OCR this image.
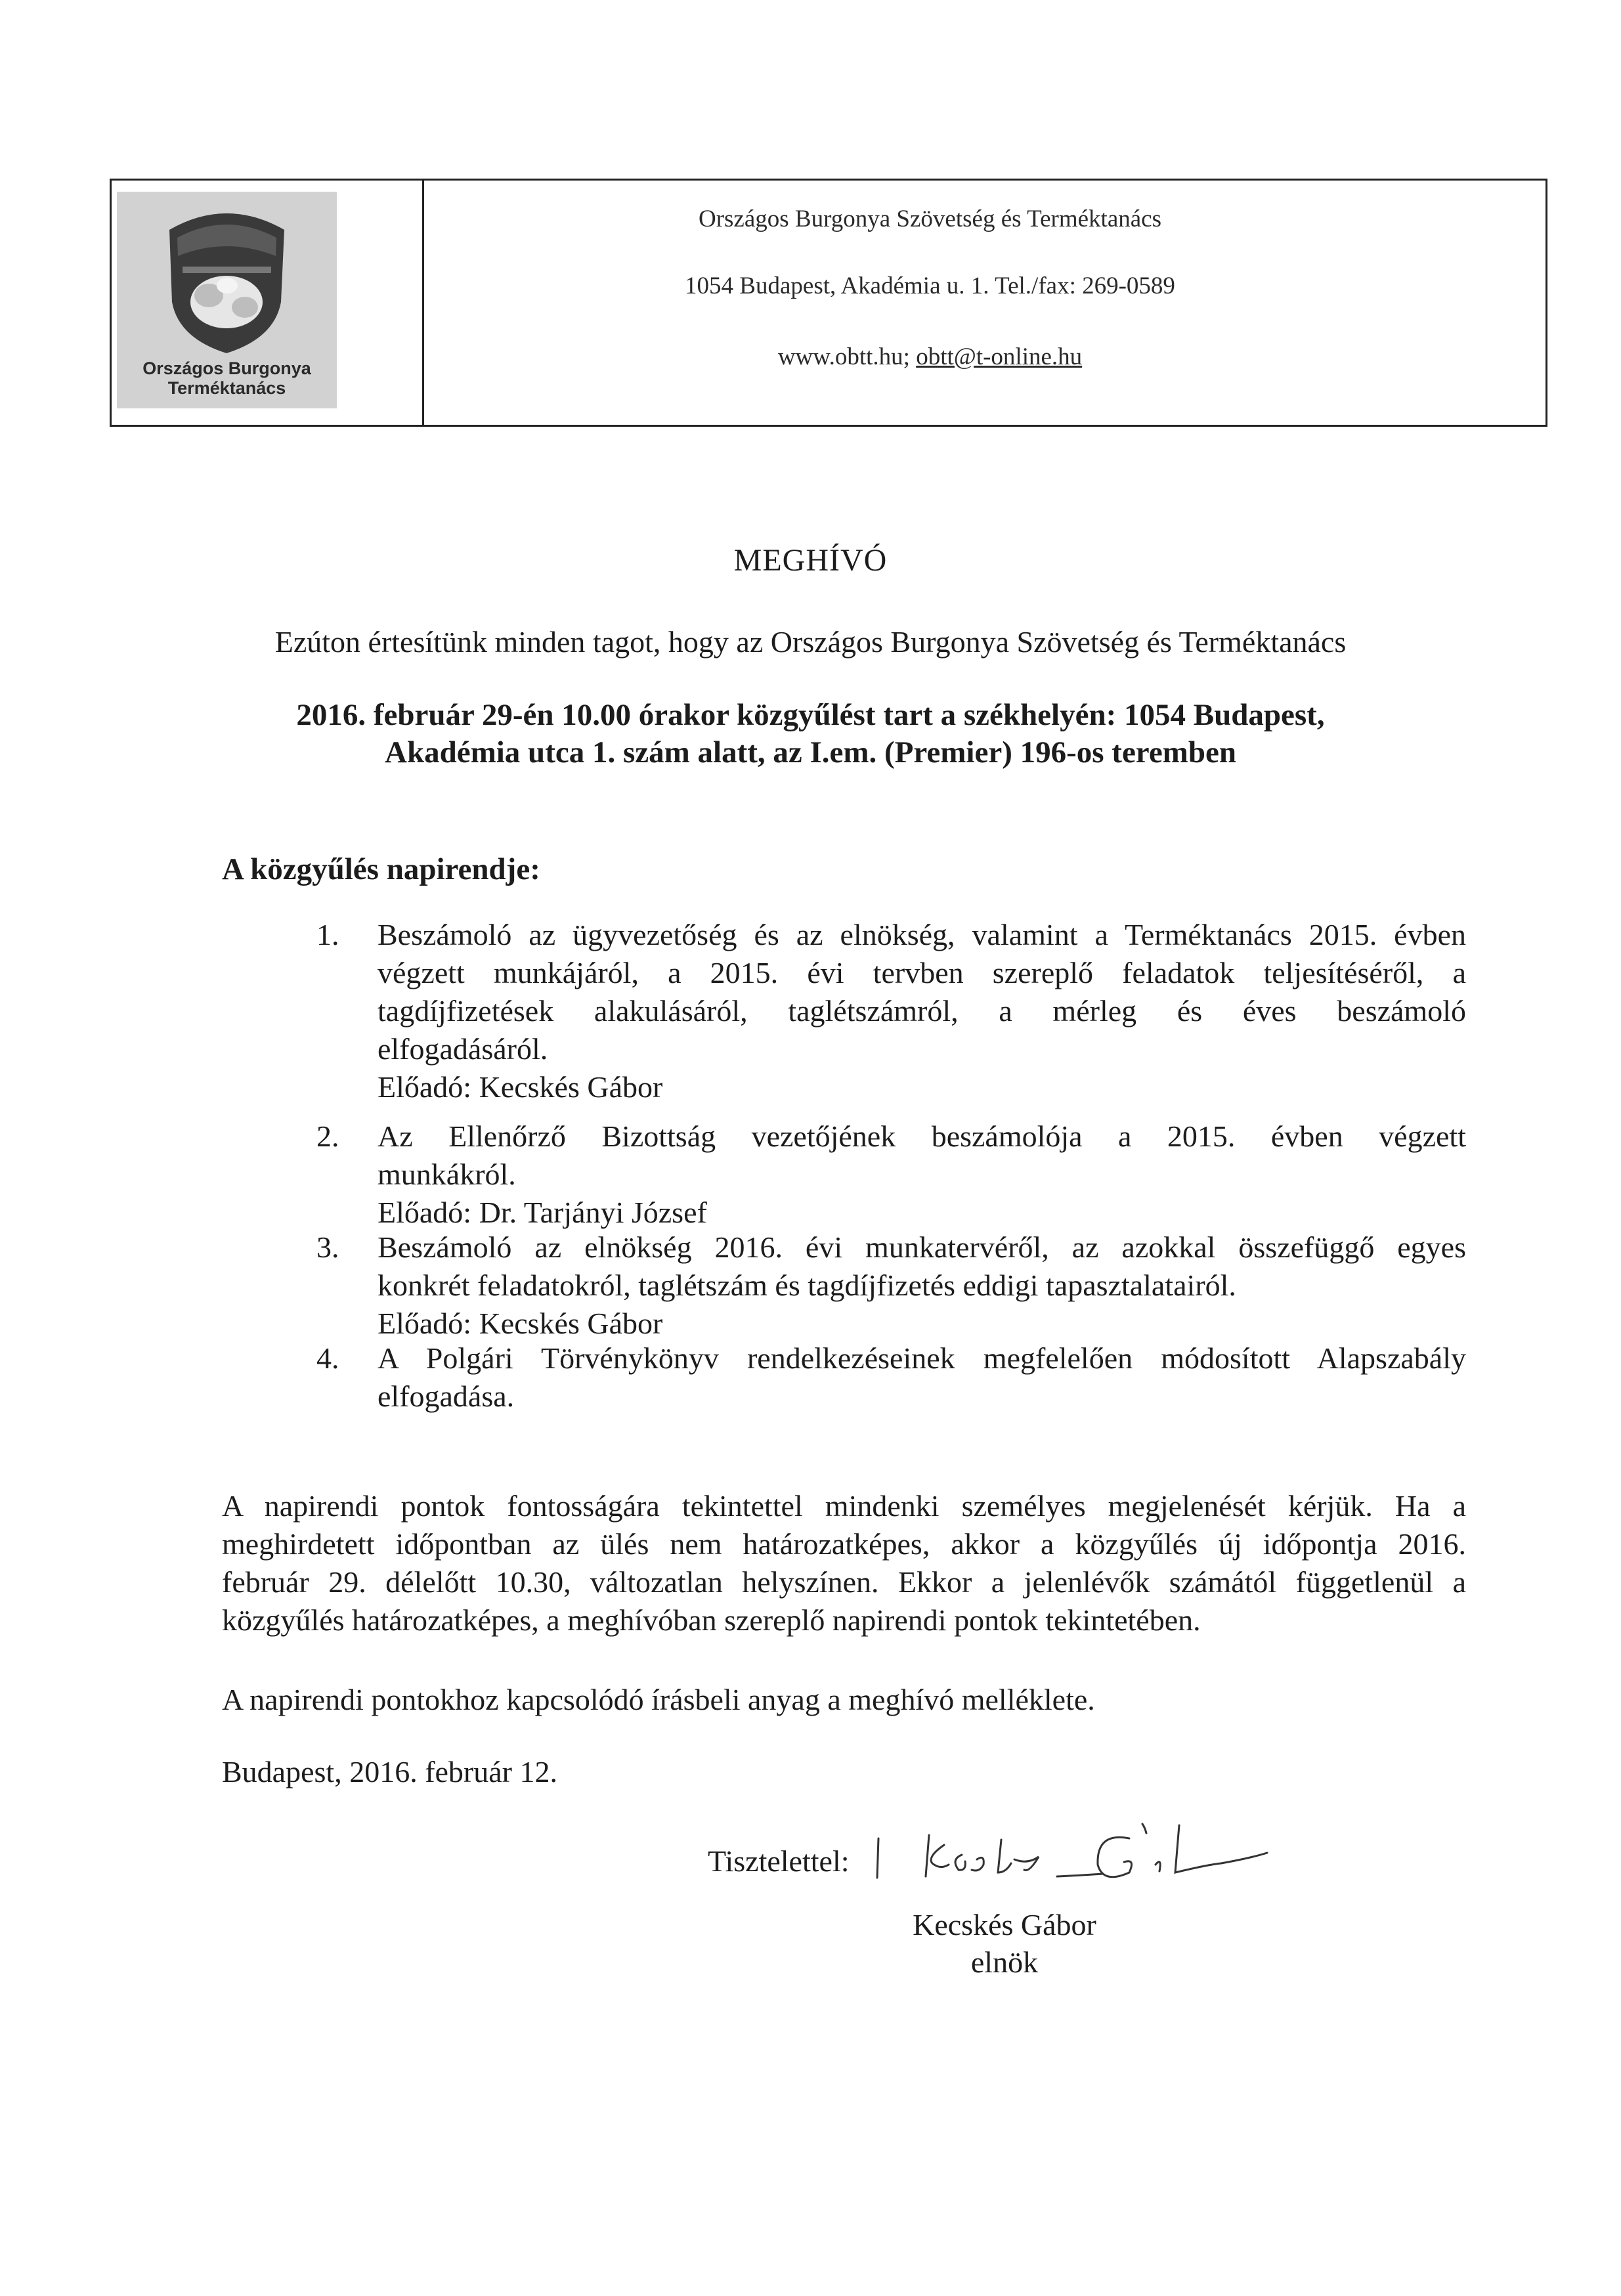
Országos Burgonya
Terméktanács
Országos Burgonya Szövetség és Terméktanács
1054 Budapest, Akadémia u. 1. Tel./fax: 269-0589
www.obtt.hu; obtt@t-online.hu
MEGHÍVÓ
Ezúton értesítünk minden tagot, hogy az Országos Burgonya Szövetség és Terméktanács
2016. február 29-én 10.00 órakor közgyűlést tart a székhelyén: 1054 Budapest,
Akadémia utca 1. szám alatt, az I.em. (Premier) 196-os teremben
A közgyűlés napirendje:
1. Beszámoló az ügyvezetőség és az elnökség, valamint a Terméktanács 2015. évben
végzett munkájáról, a 2015. évi tervben szereplő feladatok teljesítéséről, a
tagdíjfizetések alakulásáról, taglétszámról, a mérleg és éves beszámoló
elfogadásáról.
Előadó: Kecskés Gábor
2. Az Ellenőrző Bizottság vezetőjének beszámolója a 2015. évben végzett
munkákról.
Előadó: Dr. Tarjányi József
3. Beszámoló az elnökség 2016. évi munkatervéről, az azokkal összefüggő egyes
konkrét feladatokról, taglétszám és tagdíjfizetés eddigi tapasztalatairól.
Előadó: Kecskés Gábor
4. A Polgári Törvénykönyv rendelkezéseinek megfelelően módosított Alapszabály
elfogadása.
A napirendi pontok fontosságára tekintettel mindenki személyes megjelenését kérjük. Ha a
meghirdetett időpontban az ülés nem határozatképes, akkor a közgyűlés új időpontja 2016.
február 29. délelőtt 10.30, változatlan helyszínen. Ekkor a jelenlévők számától függetlenül a
közgyűlés határozatképes, a meghívóban szereplő napirendi pontok tekintetében.
A napirendi pontokhoz kapcsolódó írásbeli anyag a meghívó melléklete.
Budapest, 2016. február 12.
Tisztelettel:
Kecskés Gábor
elnök
